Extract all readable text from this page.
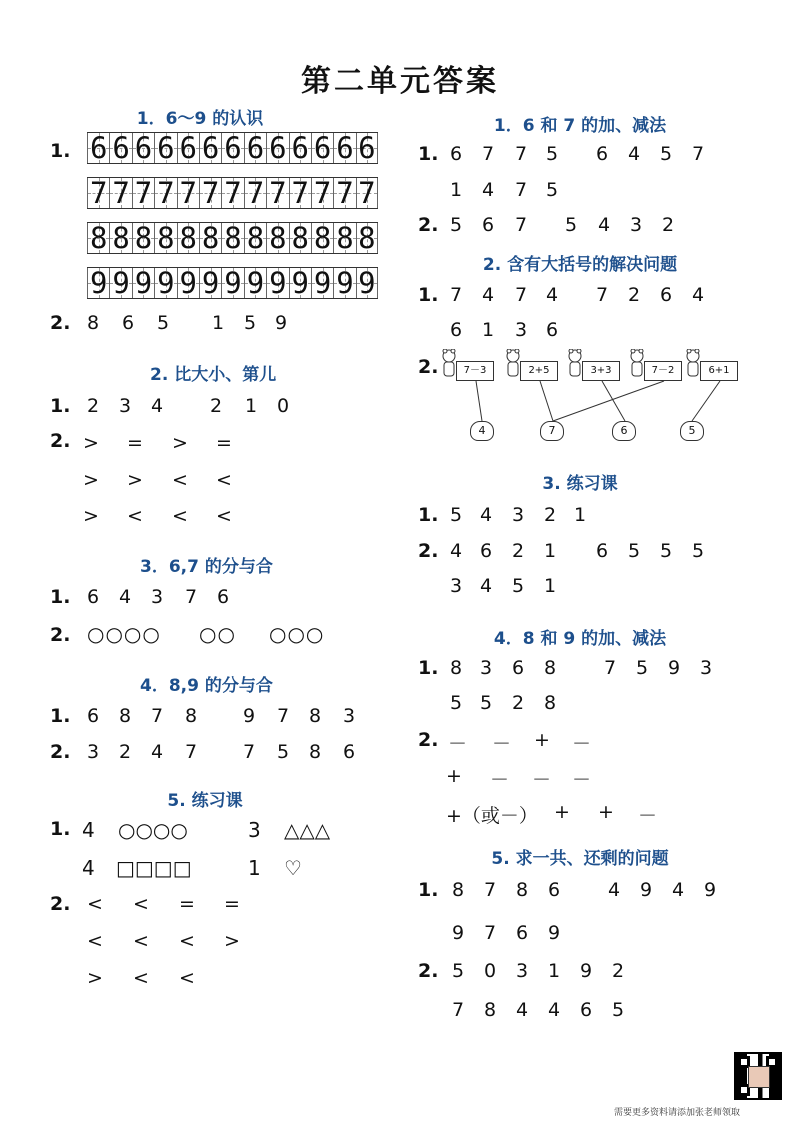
第二单元答案
1．6～9 的认识
1. 6 6 6 6 6 6 6 6 6 6 6 6 6
7 7 7 7 7 7 7 7 7 7 7 7 7
8 8 8 8 8 8 8 8 8 8 8 8 8
9 9 9 9 9 9 9 9 9 9 9 9 9
2. 8 6 5 1 5 9
2. 比大小、第儿
1. 2 3 4 2 1 0
2. > = > =
> > < <
> < < <
3．6,7 的分与合
1. 6 4 3 7 6
2. ○○○○ ○○ ○○○
4．8,9 的分与合
1. 6 8 7 8 9 7 8 3
2. 3 2 4 7 7 5 8 6
5. 练习课
1. 4 ○○○○	3 △△△
4 □□□□	1 ♡
2. < < = =
< < < >
> < <
1．6 和 7 的加、减法
1. 6 7 7 5 6 4 5 7
1 4 7 5
2. 5 6 7 5 4 3 2
2. 含有大括号的解决问题
1. 7 4 7 4 7 2 6 4
6 1 3 6
2.	7－3	2+5	3+3	7－2	6+1
4	7	6	5
3. 练习课
1. 5 4 3 2 1
2. 4 6 2 1 6 5 5 5
3 4 5 1
4．8 和 9 的加、减法
1. 8 3 6 8	7 5 9 3
5 5 2 8
2. － － + －
+ － － －
+（或－） + + －
5. 求一共、还剩的问题
1. 8 7 8 6	4 9 4 9
9 7 6 9
2. 5 0 3 1 9 2
7 8 4 4 6 5
需要更多资料请添加张老师领取
